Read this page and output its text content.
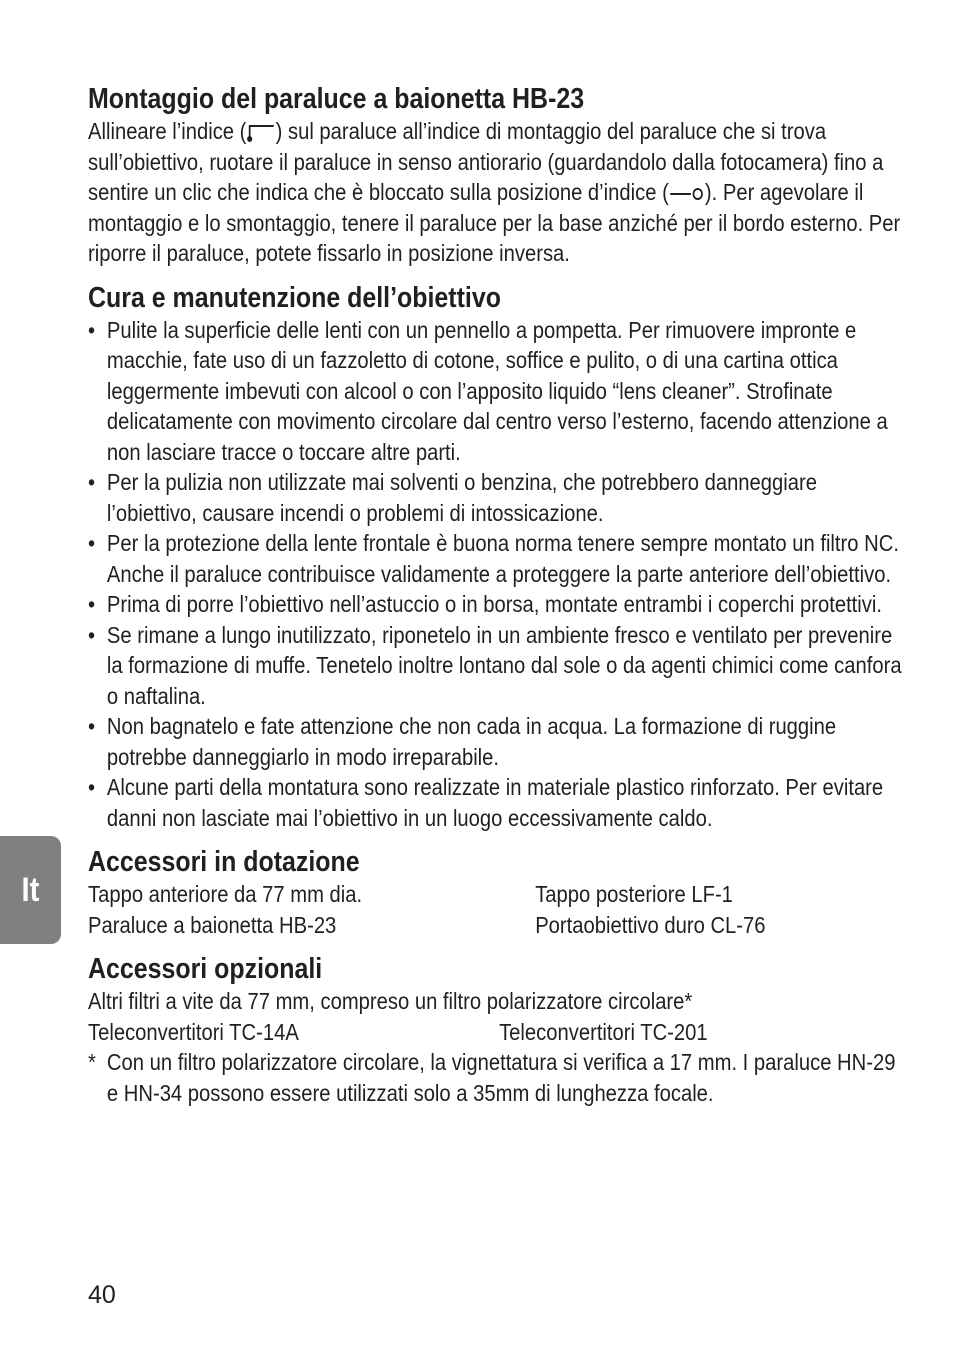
It
Montaggio del paraluce a baionetta HB-23
Allineare l’indice ( ) sul paraluce all’indice di montaggio del paraluce che si trova sull’obiettivo, ruotare il paraluce in senso antiorario (guardandolo dalla fotocamera) fino a sentire un clic che indica che è bloccato sulla posizione d’indice ( ). Per agevolare il montaggio e lo smontaggio, tenere il paraluce per la base anziché per il bordo esterno. Per riporre il paraluce, potete fissarlo in posizione inversa.
Cura e manutenzione dell’obiettivo
• Pulite la superficie delle lenti con un pennello a pompetta. Per rimuovere impronte e macchie, fate uso di un fazzoletto di cotone, soffice e pulito, o di una cartina ottica leggermente imbevuti con alcool o con l’apposito liquido “lens cleaner”. Strofinate delicatamente con movimento circolare dal centro verso l’esterno, facendo attenzione a non lasciare tracce o toccare altre parti.
• Per la pulizia non utilizzate mai solventi o benzina, che potrebbero danneggiare l’obiettivo, causare incendi o problemi di intossicazione.
• Per la protezione della lente frontale è buona norma tenere sempre montato un filtro NC. Anche il paraluce contribuisce validamente a proteggere la parte anteriore dell’obiettivo.
• Prima di porre l’obiettivo nell’astuccio o in borsa, montate entrambi i coperchi protettivi.
• Se rimane a lungo inutilizzato, riponetelo in un ambiente fresco e ventilato per prevenire la formazione di muffe. Tenetelo inoltre lontano dal sole o da agenti chimici come canfora o naftalina.
• Non bagnatelo e fate attenzione che non cada in acqua. La formazione di ruggine potrebbe danneggiarlo in modo irreparabile.
• Alcune parti della montatura sono realizzate in materiale plastico rinforzato. Per evitare danni non lasciate mai l’obiettivo in un luogo eccessivamente caldo.
Accessori in dotazione
Tappo anteriore da 77 mm dia.	Tappo posteriore LF-1
Paraluce a baionetta HB-23	Portaobiettivo duro CL-76
Accessori opzionali
Altri filtri a vite da 77 mm, compreso un filtro polarizzatore circolare*
Teleconvertitori TC-14A	Teleconvertitori TC-201
* Con un filtro polarizzatore circolare, la vignettatura si verifica a 17 mm. I paraluce HN-29 e HN-34 possono essere utilizzati solo a 35mm di lunghezza focale.
40
